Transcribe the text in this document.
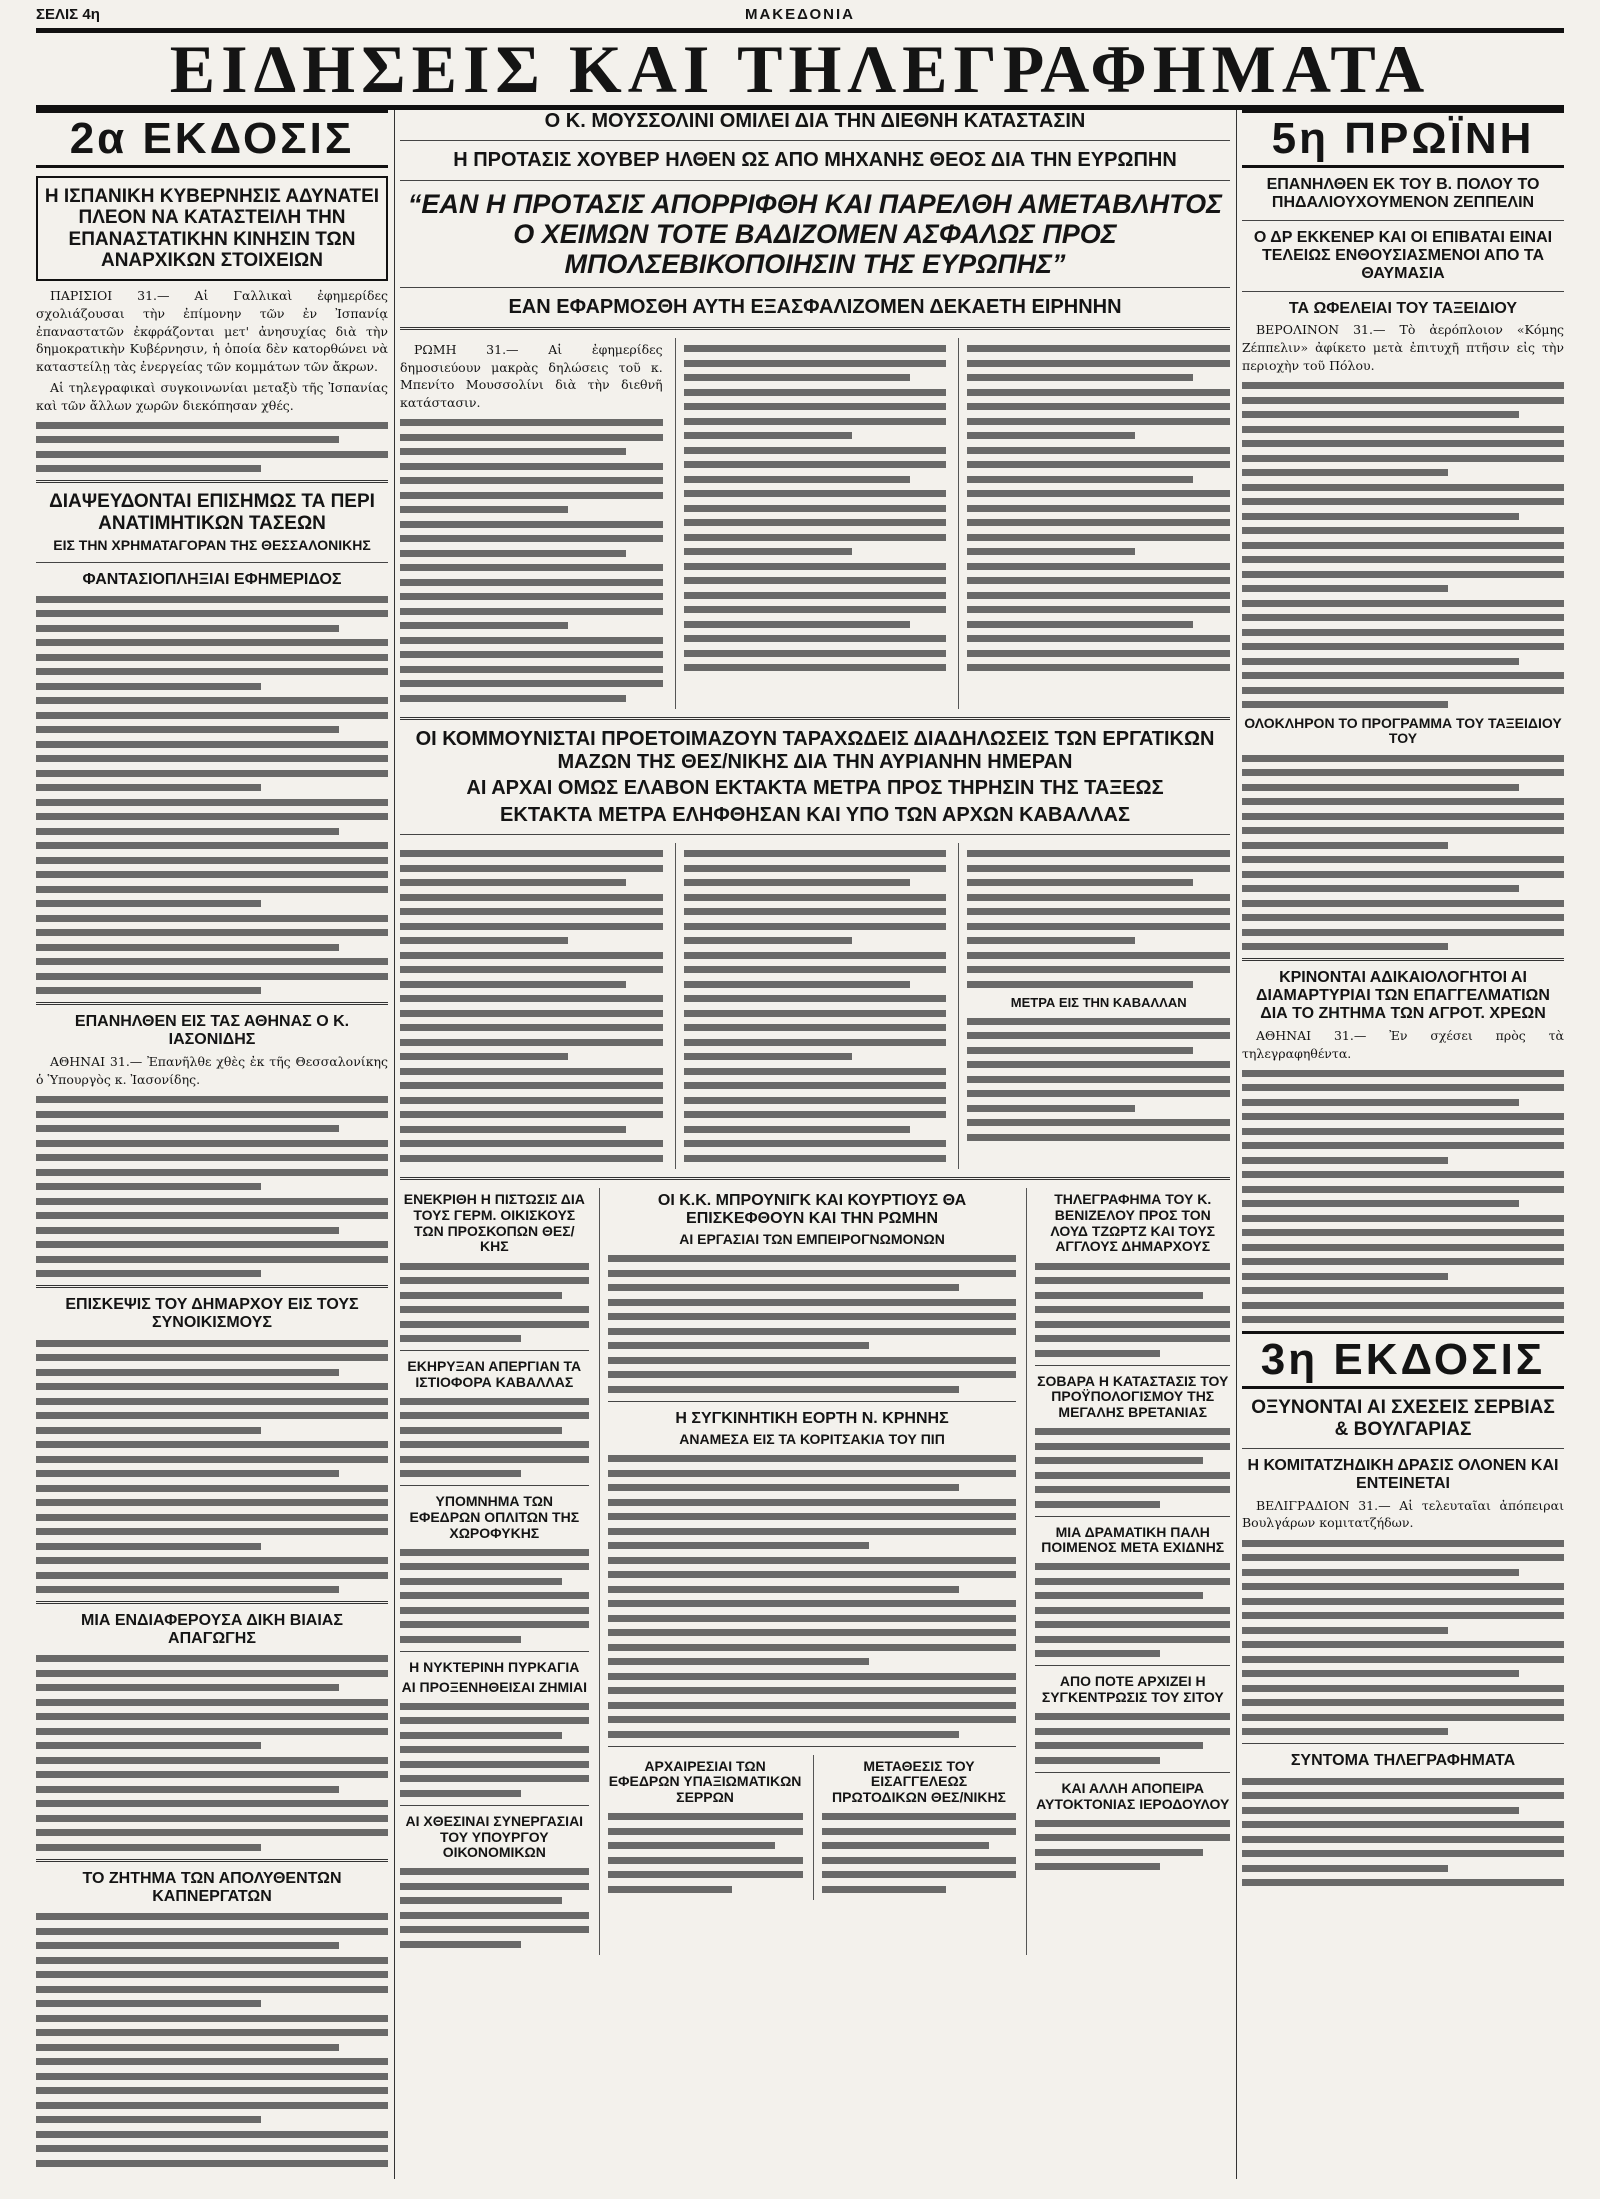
ΣΕΛΙΣ 4η	ΜΑΚΕΔΟΝΙΑ
ΕΙΔΗΣΕΙΣ ΚΑΙ ΤΗΛΕΓΡΑΦΗΜΑΤΑ
2α ΕΚΔΟΣΙΣ
Η ΙΣΠΑΝΙΚΗ ΚΥΒΕΡΝΗΣΙΣ ΑΔΥΝΑΤΕΙ ΠΛΕΟΝ ΝΑ ΚΑΤΑΣΤΕΙΛΗ ΤΗΝ ΕΠΑΝΑΣΤΑΤΙΚΗΝ ΚΙΝΗΣΙΝ ΤΩΝ ΑΝΑΡΧΙΚΩΝ ΣΤΟΙΧΕΙΩΝ

ΠΑΡΙΣΙΟΙ 31.— Αἱ Γαλλικαὶ ἐφημερίδες σχολιάζουσαι τὴν ἐπίμονην τῶν ἐν Ἰσπανίᾳ ἐπαναστατῶν ἐκφράζονται μετ' ἀνησυχίας διὰ τὴν δημοκρατικὴν Κυβέρνησιν, ἡ ὁποία δὲν κατορθώνει νὰ καταστείλῃ τὰς ἐνεργείας τῶν κομμάτων τῶν ἄκρων.

Αἱ τηλεγραφικαὶ συγκοινωνίαι μεταξὺ τῆς Ἰσπανίας καὶ τῶν ἄλλων χωρῶν διεκόπησαν χθές.

ΔΙΑΨΕΥΔΟΝΤΑΙ ΕΠΙΣΗΜΩΣ ΤΑ ΠΕΡΙ ΑΝΑΤΙΜΗΤΙΚΩΝ ΤΑΣΕΩΝ
ΕΙΣ ΤΗΝ ΧΡΗΜΑΤΑΓΟΡΑΝ ΤΗΣ ΘΕΣΣΑΛΟΝΙΚΗΣ
ΦΑΝΤΑΣΙΟΠΛΗΞΙΑΙ ΕΦΗΜΕΡΙΔΟΣ
ΕΠΑΝΗΛΘΕΝ ΕΙΣ ΤΑΣ ΑΘΗΝΑΣ Ο Κ. ΙΑΣΟΝΙΔΗΣ

ΑΘΗΝΑΙ 31.— Ἐπανῆλθε χθὲς ἐκ τῆς Θεσσαλονίκης ὁ Ὑπουργὸς κ. Ἰασονίδης.

ΕΠΙΣΚΕΨΙΣ ΤΟΥ ΔΗΜΑΡΧΟΥ ΕΙΣ ΤΟΥΣ ΣΥΝΟΙΚΙΣΜΟΥΣ
ΜΙΑ ΕΝΔΙΑΦΕΡΟΥΣΑ ΔΙΚΗ ΒΙΑΙΑΣ ΑΠΑΓΩΓΗΣ
ΤΟ ΖΗΤΗΜΑ ΤΩΝ ΑΠΟΛΥΘΕΝΤΩΝ ΚΑΠΝΕΡΓΑΤΩΝ
Ο Κ. ΜΟΥΣΣΟΛΙΝΙ ΟΜΙΛΕΙ ΔΙΑ ΤΗΝ ΔΙΕΘΝΗ ΚΑΤΑΣΤΑΣΙΝ
Η ΠΡΟΤΑΣΙΣ ΧΟΥΒΕΡ ΗΛΘΕΝ ΩΣ ΑΠΟ ΜΗΧΑΝΗΣ ΘΕΟΣ ΔΙΑ ΤΗΝ ΕΥΡΩΠΗΝ
“ΕΑΝ Η ΠΡΟΤΑΣΙΣ ΑΠΟΡΡΙΦΘΗ ΚΑΙ ΠΑΡΕΛΘΗ ΑΜΕΤΑΒΛΗΤΟΣ Ο ΧΕΙΜΩΝ ΤΟΤΕ ΒΑΔΙΖΟΜΕΝ ΑΣΦΑΛΩΣ ΠΡΟΣ ΜΠΟΛΣΕΒΙΚΟΠΟΙΗΣΙΝ ΤΗΣ ΕΥΡΩΠΗΣ”
ΕΑΝ ΕΦΑΡΜΟΣΘΗ ΑΥΤΗ ΕΞΑΣΦΑΛΙΖΟΜΕΝ ΔΕΚΑΕΤΗ ΕΙΡΗΝΗΝ

ΡΩΜΗ 31.— Αἱ ἐφημερίδες δημοσιεύουν μακρὰς δηλώσεις τοῦ κ. Μπενίτο Μουσσολίνι διὰ τὴν διεθνῆ κατάστασιν.

ΟΙ ΚΟΜΜΟΥΝΙΣΤΑΙ ΠΡΟΕΤΟΙΜΑΖΟΥΝ ΤΑΡΑΧΩΔΕΙΣ ΔΙΑΔΗΛΩΣΕΙΣ ΤΩΝ ΕΡΓΑΤΙΚΩΝ ΜΑΖΩΝ ΤΗΣ ΘΕΣ/ΝΙΚΗΣ ΔΙΑ ΤΗΝ ΑΥΡΙΑΝΗΝ ΗΜΕΡΑΝ
ΑΙ ΑΡΧΑΙ ΟΜΩΣ ΕΛΑΒΟΝ ΕΚΤΑΚΤΑ ΜΕΤΡΑ ΠΡΟΣ ΤΗΡΗΣΙΝ ΤΗΣ ΤΑΞΕΩΣ
ΕΚΤΑΚΤΑ ΜΕΤΡΑ ΕΛΗΦΘΗΣΑΝ ΚΑΙ ΥΠΟ ΤΩΝ ΑΡΧΩΝ ΚΑΒΑΛΛΑΣ
ΜΕΤΡΑ ΕΙΣ ΤΗΝ ΚΑΒΑΛΛΑΝ
ΕΝΕΚΡΙΘΗ Η ΠΙΣΤΩΣΙΣ ΔΙΑ ΤΟΥΣ ΓΕΡΜ. ΟΙΚΙΣΚΟΥΣ ΤΩΝ ΠΡΟΣΚΟΠΩΝ ΘΕΣ/ΚΗΣ
ΕΚΗΡΥΞΑΝ ΑΠΕΡΓΙΑΝ ΤΑ ΙΣΤΙΟΦΟΡΑ ΚΑΒΑΛΛΑΣ
ΥΠΟΜΝΗΜΑ ΤΩΝ ΕΦΕΔΡΩΝ ΟΠΛΙΤΩΝ ΤΗΣ ΧΩΡΟΦΥΚΗΣ
Η ΝΥΚΤΕΡΙΝΗ ΠΥΡΚΑΓΙΑ
ΑΙ ΠΡΟΞΕΝΗΘΕΙΣΑΙ ΖΗΜΙΑΙ
ΑΙ ΧΘΕΣΙΝΑΙ ΣΥΝΕΡΓΑΣΙΑΙ ΤΟΥ ΥΠΟΥΡΓΟΥ ΟΙΚΟΝΟΜΙΚΩΝ
ΟΙ Κ.Κ. ΜΠΡΟΥΝΙΓΚ ΚΑΙ ΚΟΥΡΤΙΟΥΣ ΘΑ ΕΠΙΣΚΕΦΘΟΥΝ ΚΑΙ ΤΗΝ ΡΩΜΗΝ
ΑΙ ΕΡΓΑΣΙΑΙ ΤΩΝ ΕΜΠΕΙΡΟΓΝΩΜΟΝΩΝ
Η ΣΥΓΚΙΝΗΤΙΚΗ ΕΟΡΤΗ Ν. ΚΡΗΝΗΣ
ΑΝΑΜΕΣΑ ΕΙΣ ΤΑ ΚΟΡΙΤΣΑΚΙΑ ΤΟΥ ΠΙΠ
ΑΡΧΑΙΡΕΣΙΑΙ ΤΩΝ ΕΦΕΔΡΩΝ ΥΠΑΞΙΩΜΑΤΙΚΩΝ ΣΕΡΡΩΝ
ΜΕΤΑΘΕΣΙΣ ΤΟΥ ΕΙΣΑΓΓΕΛΕΩΣ ΠΡΩΤΟΔΙΚΩΝ ΘΕΣ/ΝΙΚΗΣ
ΤΗΛΕΓΡΑΦΗΜΑ ΤΟΥ Κ. ΒΕΝΙΖΕΛΟΥ ΠΡΟΣ ΤΟΝ ΛΟΥΔ ΤΖΩΡΤΖ ΚΑΙ ΤΟΥΣ ΑΓΓΛΟΥΣ ΔΗΜΑΡΧΟΥΣ
ΣΟΒΑΡΑ Η ΚΑΤΑΣΤΑΣΙΣ ΤΟΥ ΠΡΟΫΠΟΛΟΓΙΣΜΟΥ ΤΗΣ ΜΕΓΑΛΗΣ ΒΡΕΤΑΝΙΑΣ
ΜΙΑ ΔΡΑΜΑΤΙΚΗ ΠΑΛΗ ΠΟΙΜΕΝΟΣ ΜΕΤΑ ΕΧΙΔΝΗΣ
ΑΠΟ ΠΟΤΕ ΑΡΧΙΖΕΙ Η ΣΥΓΚΕΝΤΡΩΣΙΣ ΤΟΥ ΣΙΤΟΥ
ΚΑΙ ΑΛΛΗ ΑΠΟΠΕΙΡΑ ΑΥΤΟΚΤΟΝΙΑΣ ΙΕΡΟΔΟΥΛΟΥ
5η ΠΡΩΪΝΗ
ΕΠΑΝΗΛΘΕΝ ΕΚ ΤΟΥ Β. ΠΟΛΟΥ ΤΟ ΠΗΔΑΛΙΟΥΧΟΥΜΕΝΟΝ ΖΕΠΠΕΛΙΝ
Ο ΔΡ ΕΚΚΕΝΕΡ ΚΑΙ ΟΙ ΕΠΙΒΑΤΑΙ ΕΙΝΑΙ ΤΕΛΕΙΩΣ ΕΝΘΟΥΣΙΑΣΜΕΝΟΙ ΑΠΟ ΤΑ ΘΑΥΜΑΣΙΑ
ΤΑ ΩΦΕΛΕΙΑΙ ΤΟΥ ΤΑΞΕΙΔΙΟΥ

ΒΕΡΟΛΙΝΟΝ 31.— Τὸ ἀερόπλοιον «Κόμης Ζέππελιν» ἀφίκετο μετὰ ἐπιτυχῆ πτῆσιν εἰς τὴν περιοχὴν τοῦ Πόλου.

ΟΛΟΚΛΗΡΟΝ ΤΟ ΠΡΟΓΡΑΜΜΑ ΤΟΥ ΤΑΞΕΙΔΙΟΥ ΤΟΥ
ΚΡΙΝΟΝΤΑΙ ΑΔΙΚΑΙΟΛΟΓΗΤΟΙ ΑΙ ΔΙΑΜΑΡΤΥΡΙΑΙ ΤΩΝ ΕΠΑΓΓΕΛΜΑΤΙΩΝ ΔΙΑ ΤΟ ΖΗΤΗΜΑ ΤΩΝ ΑΓΡΟΤ. ΧΡΕΩΝ

ΑΘΗΝΑΙ 31.— Ἐν σχέσει πρὸς τὰ τηλεγραφηθέντα.

3η ΕΚΔΟΣΙΣ
ΟΞΥΝΟΝΤΑΙ ΑΙ ΣΧΕΣΕΙΣ ΣΕΡΒΙΑΣ & ΒΟΥΛΓΑΡΙΑΣ
Η ΚΟΜΙΤΑΤΖΗΔΙΚΗ ΔΡΑΣΙΣ ΟΛΟΝΕΝ ΚΑΙ ΕΝΤΕΙΝΕΤΑΙ

ΒΕΛΙΓΡΑΔΙΟΝ 31.— Αἱ τελευταῖαι ἀπόπειραι Βουλγάρων κομιτατζήδων.

ΣΥΝΤΟΜΑ ΤΗΛΕΓΡΑΦΗΜΑΤΑ
